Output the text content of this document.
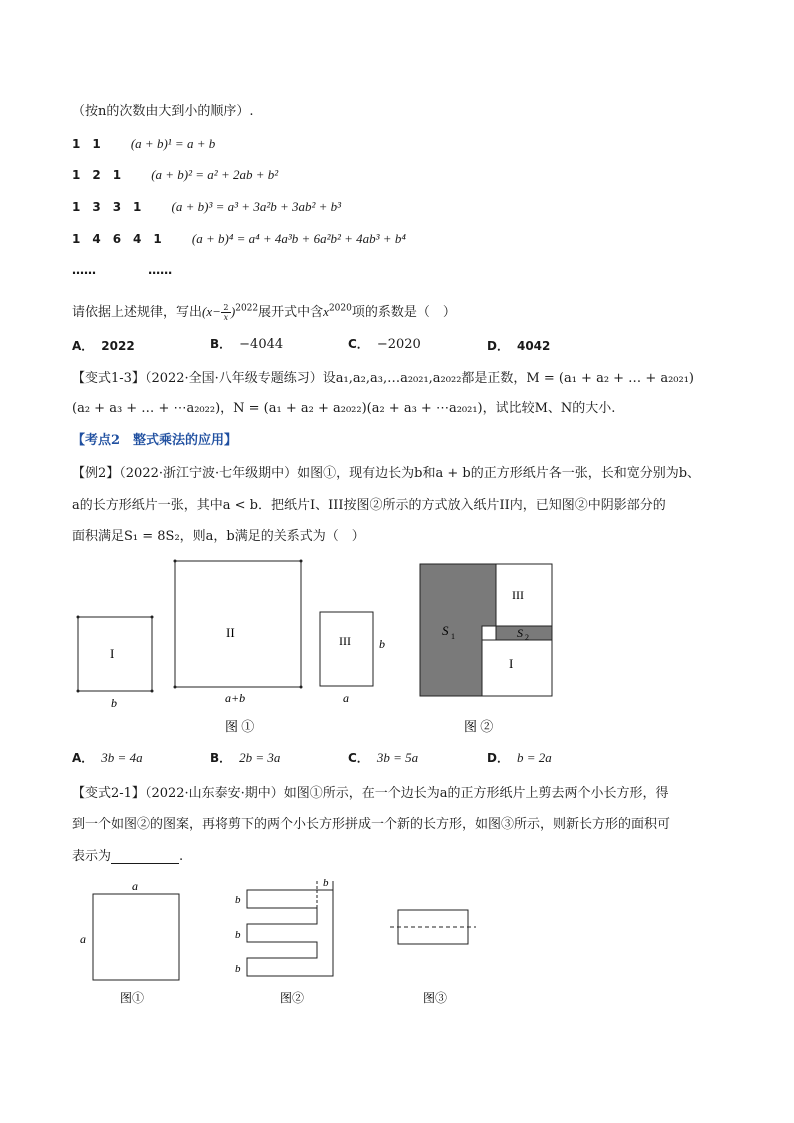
（按n的次数由大到小的顺序）.
1　1 (a + b)¹ = a + b
1　2　1 (a + b)² = a² + 2ab + b²
1　3　3　1 (a + b)³ = a³ + 3a²b + 3ab² + b³
1　4　6　4　1 (a + b)⁴ = a⁴ + 4a³b + 6a²b² + 4ab³ + b⁴
……	……
请依据上述规律，写出$(x- \frac{2}{x} )^{2022}$展开式中含$x^{2020}$项的系数是（　）
A． 2022	B． −4044	C． −2020	D． 4042
【变式1-3】（2022·全国·八年级专题练习）设a₁,a₂,a₃,…a₂₀₂₁,a₂₀₂₂都是正数，M = (a₁ + a₂ + … + a₂₀₂₁)
(a₂ + a₃ + … + ⋯a₂₀₂₂)，N = (a₁ + a₂ + a₂₀₂₂)(a₂ + a₃ + ⋯a₂₀₂₁)，试比较M、N的大小.
【考点2　整式乘法的应用】
【例2】（2022·浙江宁波·七年级期中）如图①，现有边长为b和a + b的正方形纸片各一张，长和宽分别为b、
a的长方形纸片一张，其中a < b．把纸片I、III按图②所示的方式放入纸片II内，已知图②中阴影部分的
面积满足S₁ = 8S₂，则a，b满足的关系式为（　）
I
b
II
a+b
III b
a
图 ①
S 1	S 2
III
I
图 ②
A． 3b = 4a	B． 2b = 3a	C． 3b = 5a	D． b = 2a
【变式2-1】（2022·山东泰安·期中）如图①所示，在一个边长为a的正方形纸片上剪去两个小长方形，得
到一个如图②的图案，再将剪下的两个小长方形拼成一个新的长方形，如图③所示，则新长方形的面积可
表示为	.
a
a
图①
b
b
b
b
图②	图③
